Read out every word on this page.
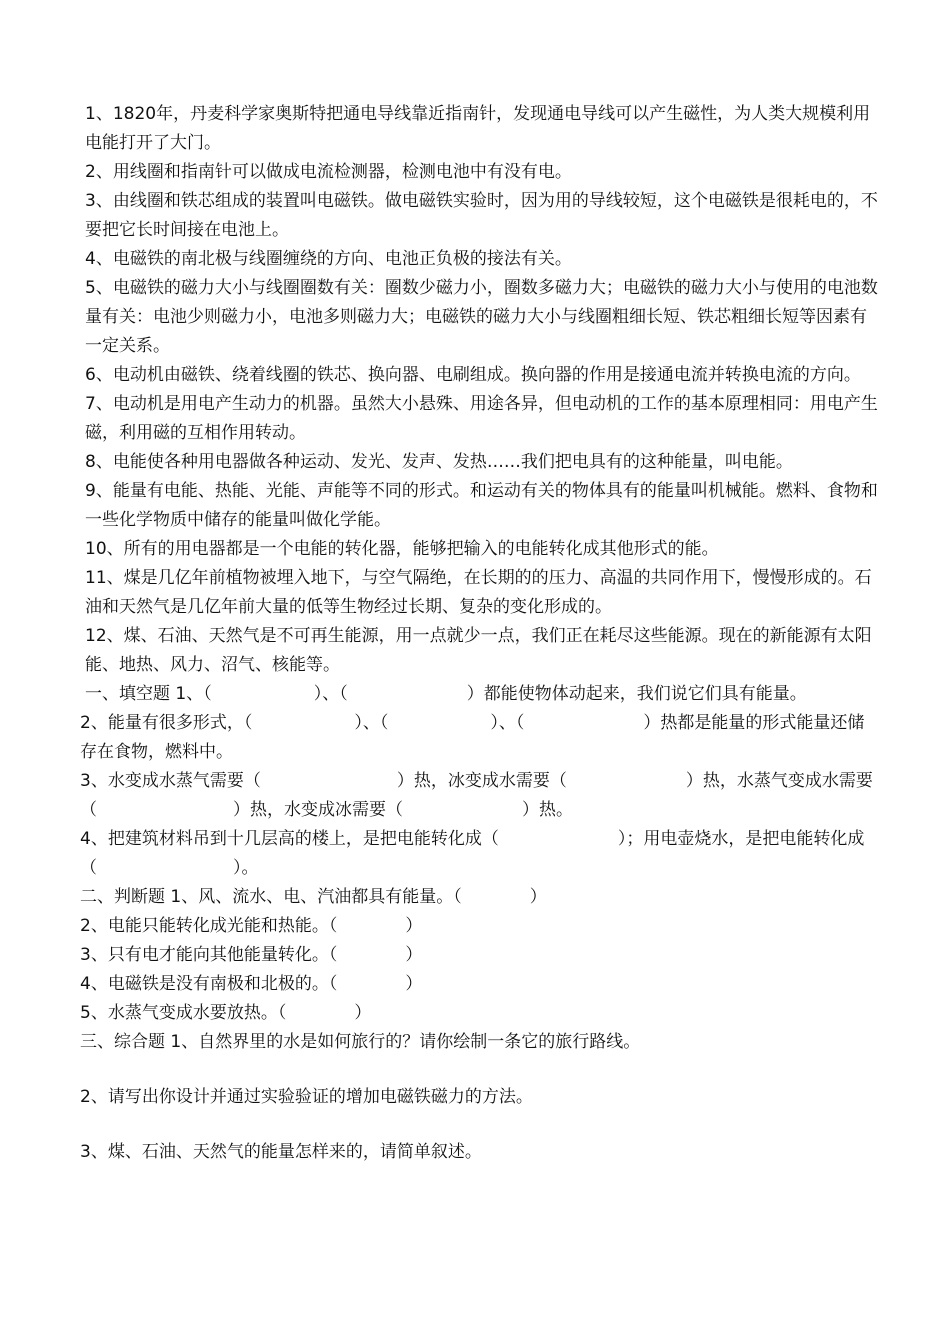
1、1820年，丹麦科学家奥斯特把通电导线靠近指南针，发现通电导线可以产生磁性，为人类大规模利用电能打开了大门。

2、用线圈和指南针可以做成电流检测器，检测电池中有没有电。

3、由线圈和铁芯组成的装置叫电磁铁。做电磁铁实验时，因为用的导线较短，这个电磁铁是很耗电的，不要把它长时间接在电池上。

4、电磁铁的南北极与线圈缠绕的方向、电池正负极的接法有关。

5、电磁铁的磁力大小与线圈圈数有关：圈数少磁力小，圈数多磁力大；电磁铁的磁力大小与使用的电池数量有关：电池少则磁力小，电池多则磁力大；电磁铁的磁力大小与线圈粗细长短、铁芯粗细长短等因素有一定关系。

6、电动机由磁铁、绕着线圈的铁芯、换向器、电刷组成。换向器的作用是接通电流并转换电流的方向。

7、电动机是用电产生动力的机器。虽然大小悬殊、用途各异，但电动机的工作的基本原理相同：用电产生磁，利用磁的互相作用转动。

8、电能使各种用电器做各种运动、发光、发声、发热……我们把电具有的这种能量，叫电能。

9、能量有电能、热能、光能、声能等不同的形式。和运动有关的物体具有的能量叫机械能。燃料、食物和一些化学物质中储存的能量叫做化学能。

10、所有的用电器都是一个电能的转化器，能够把输入的电能转化成其他形式的能。

11、煤是几亿年前植物被埋入地下，与空气隔绝，在长期的的压力、高温的共同作用下，慢慢形成的。石油和天然气是几亿年前大量的低等生物经过长期、复杂的变化形成的。

12、煤、石油、天然气是不可再生能源，用一点就少一点，我们正在耗尽这些能源。现在的新能源有太阳能、地热、风力、沼气、核能等。

一、填空题 1、（　　　　　　）、（　　　　　　　）都能使物体动起来，我们说它们具有能量。

2、能量有很多形式，（　　　　　　）、（　　　　　　）、（　　　　　　　）热都是能量的形式能量还储存在食物，燃料中。

3、水变成水蒸气需要（　　　　　　　　）热，冰变成水需要（　　　　　　　）热，水蒸气变成水需要（　　　　　　　　）热，水变成冰需要（　　　　　　　）热。

4、把建筑材料吊到十几层高的楼上，是把电能转化成（　　　　　　　）；用电壶烧水，是把电能转化成（　　　　　　　　）。

二、判断题 1、风、流水、电、汽油都具有能量。（　　　　）

2、电能只能转化成光能和热能。（　　　　）

3、只有电才能向其他能量转化。（　　　　）

4、电磁铁是没有南极和北极的。（　　　　）

5、水蒸气变成水要放热。（　　　　）

三、综合题 1、自然界里的水是如何旅行的？请你绘制一条它的旅行路线。

2、请写出你设计并通过实验验证的增加电磁铁磁力的方法。

3、煤、石油、天然气的能量怎样来的，请简单叙述。
